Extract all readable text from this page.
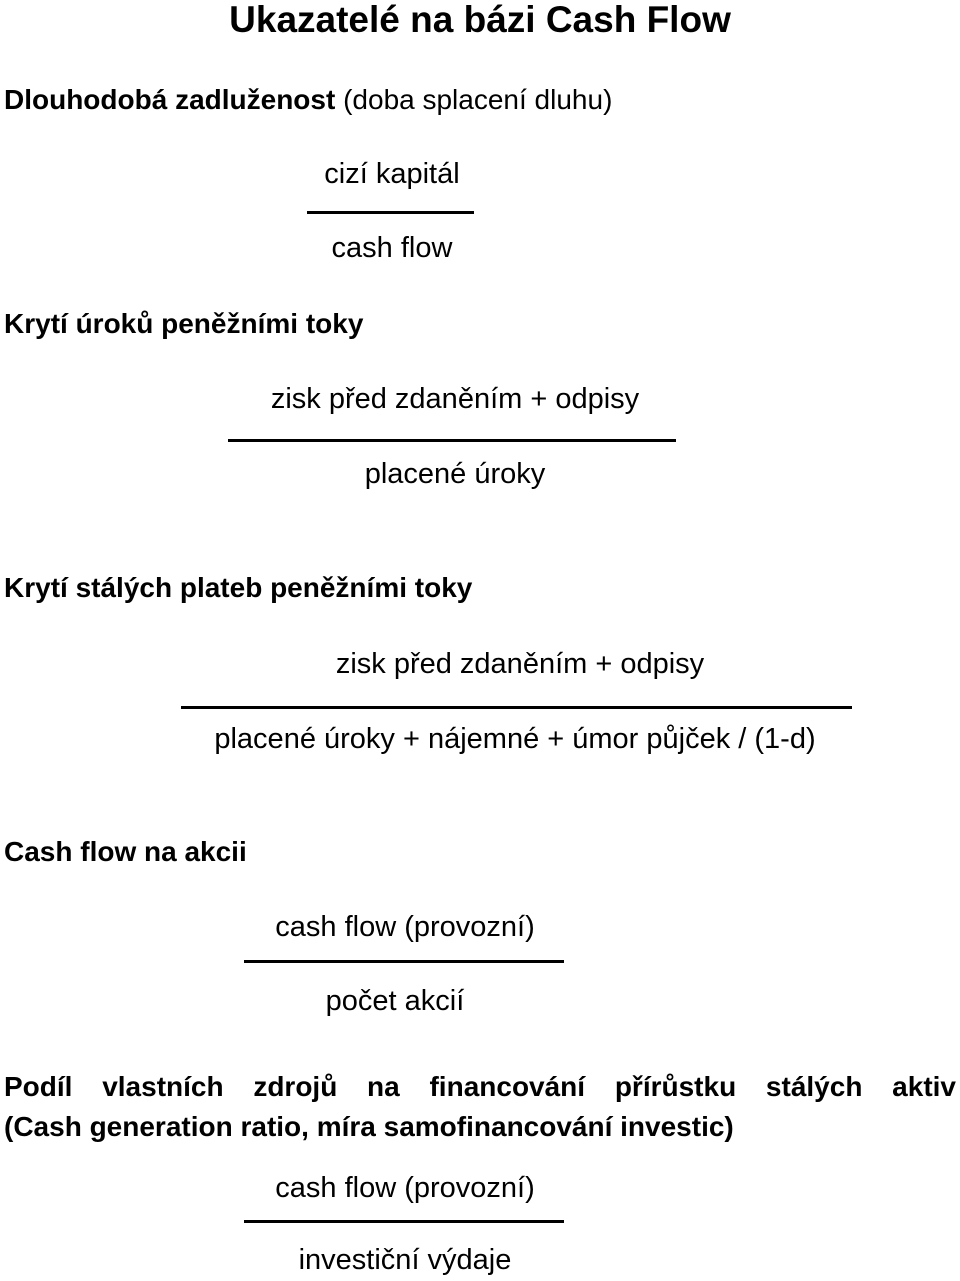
Ukazatelé na bázi Cash Flow
Dlouhodobá zadluženost (doba splacení dluhu)
cizí kapitál
cash flow
Krytí úroků peněžními toky
zisk před zdaněním + odpisy
placené úroky
Krytí stálých plateb peněžními toky
zisk před zdaněním + odpisy
placené úroky + nájemné + úmor půjček / (1-d)
Cash flow na akcii
cash flow (provozní)
počet akcií
Podíl vlastních zdrojů na financování přírůstku stálých aktiv
(Cash generation ratio, míra samofinancování investic)
cash flow (provozní)
investiční výdaje
